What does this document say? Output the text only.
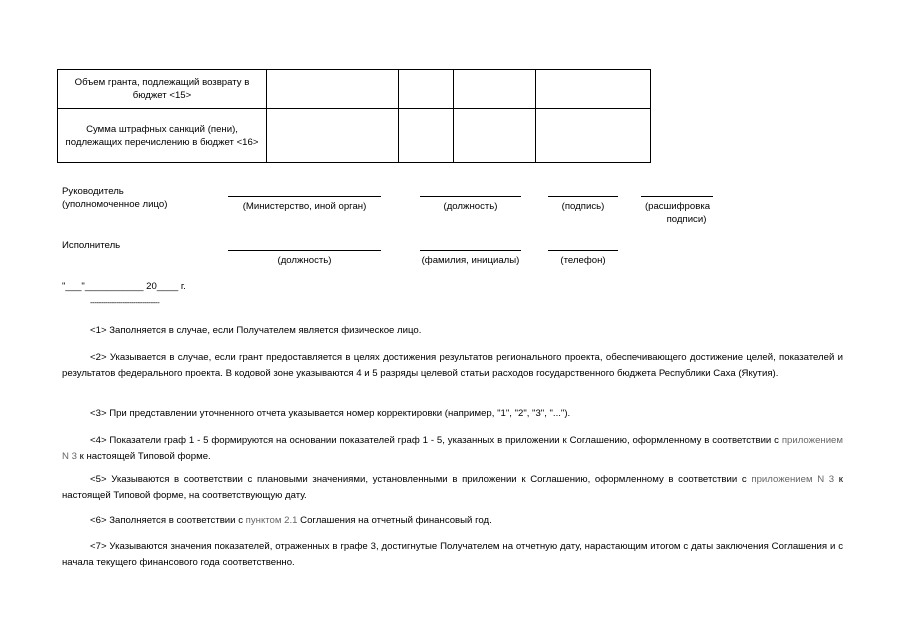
Объем гранта, подлежащий возврату в бюджет <15>				

Сумма штрафных санкций (пени), подлежащих перечислению в бюджет <16>				

Руководитель
(уполномоченное лицо)	(Министерство, иной орган)	(должность)	(подпись)	(расшифровка
подписи)
Исполнитель
(должность)	(фамилия, инициалы)	(телефон)
"___"___________ 20____ г.
--------------------------------
<1> Заполняется в случае, если Получателем является физическое лицо.
<2> Указывается в случае, если грант предоставляется в целях достижения результатов регионального проекта, обеспечивающего достижение целей, показателей и результатов федерального проекта. В кодовой зоне указываются 4 и 5 разряды целевой статьи расходов государственного бюджета Республики Саха (Якутия).
<3> При представлении уточненного отчета указывается номер корректировки (например, "1", "2", "3", "...").
<4> Показатели граф 1 - 5 формируются на основании показателей граф 1 - 5, указанных в приложении к Соглашению, оформленному в соответствии с приложением N 3 к настоящей Типовой форме.
<5> Указываются в соответствии с плановыми значениями, установленными в приложении к Соглашению, оформленному в соответствии с приложением N 3 к настоящей Типовой форме, на соответствующую дату.
<6> Заполняется в соответствии с пунктом 2.1 Соглашения на отчетный финансовый год.
<7> Указываются значения показателей, отраженных в графе 3, достигнутые Получателем на отчетную дату, нарастающим итогом с даты заключения Соглашения и с начала текущего финансового года соответственно.
